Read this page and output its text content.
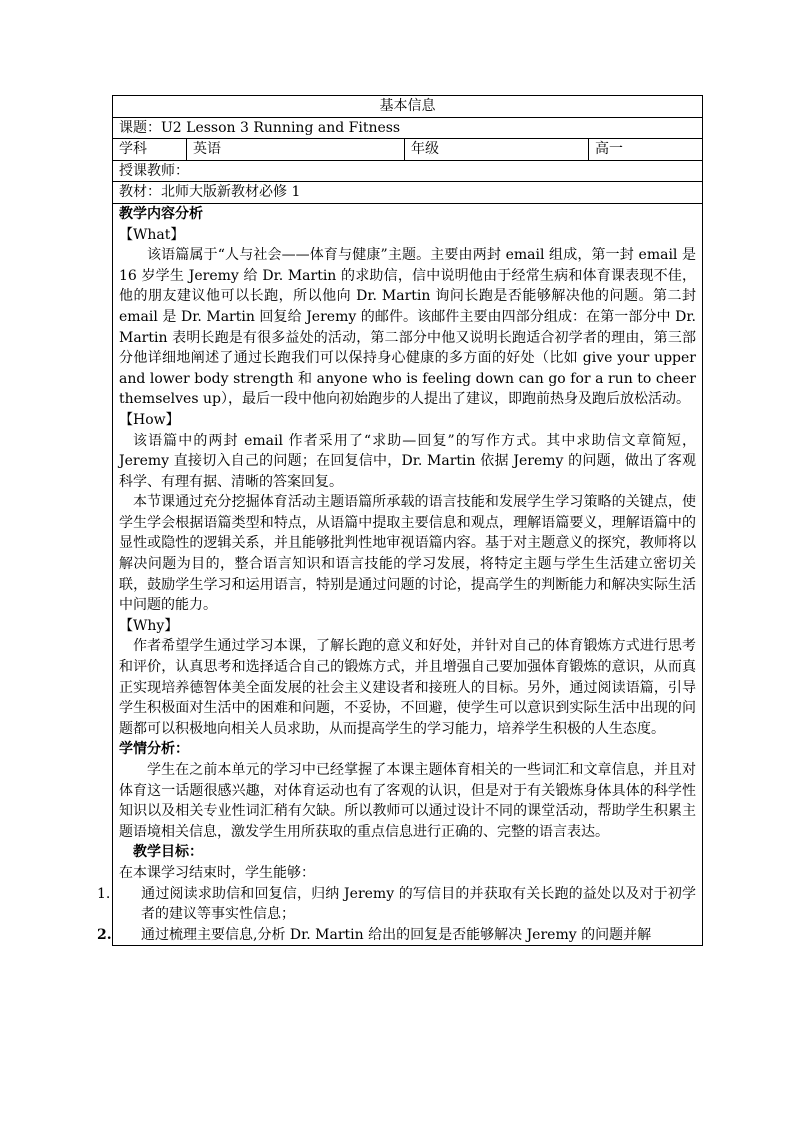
基本信息
课题：U2 Lesson 3 Running and Fitness
学科	英语	年级	高一
授课教师：
教材：北师大版新教材必修 1

教学内容分析

【What】

该语篇属于“人与社会——体育与健康”主题。主要由两封 email 组成，第一封 email 是 16 岁学生 Jeremy 给 Dr. Martin 的求助信，信中说明他由于经常生病和体育课表现不佳，他的朋友建议他可以长跑，所以他向 Dr. Martin 询问长跑是否能够解决他的问题。第二封 email 是 Dr. Martin 回复给 Jeremy 的邮件。该邮件主要由四部分组成：在第一部分中 Dr. Martin 表明长跑是有很多益处的活动，第二部分中他又说明长跑适合初学者的理由，第三部分他详细地阐述了通过长跑我们可以保持身心健康的多方面的好处（比如 give your upper and lower body strength 和 anyone who is feeling down can go for a run to cheer themselves up），最后一段中他向初始跑步的人提出了建议，即跑前热身及跑后放松活动。

【How】

该语篇中的两封 email 作者采用了“求助—回复”的写作方式。其中求助信文章简短，Jeremy 直接切入自己的问题；在回复信中，Dr. Martin 依据 Jeremy 的问题，做出了客观科学、有理有据、清晰的答案回复。

本节课通过充分挖掘体育活动主题语篇所承载的语言技能和发展学生学习策略的关键点，使学生学会根据语篇类型和特点，从语篇中提取主要信息和观点，理解语篇要义，理解语篇中的显性或隐性的逻辑关系，并且能够批判性地审视语篇内容。基于对主题意义的探究，教师将以解决问题为目的，整合语言知识和语言技能的学习发展，将特定主题与学生生活建立密切关联，鼓励学生学习和运用语言，特别是通过问题的讨论，提高学生的判断能力和解决实际生活中问题的能力。

【Why】

作者希望学生通过学习本课，了解长跑的意义和好处，并针对自己的体育锻炼方式进行思考和评价，认真思考和选择适合自己的锻炼方式，并且增强自己要加强体育锻炼的意识，从而真正实现培养德智体美全面发展的社会主义建设者和接班人的目标。另外，通过阅读语篇，引导学生积极面对生活中的困难和问题，不妥协，不回避，使学生可以意识到实际生活中出现的问题都可以积极地向相关人员求助，从而提高学生的学习能力，培养学生积极的人生态度。

学情分析：

学生在之前本单元的学习中已经掌握了本课主题体育相关的一些词汇和文章信息，并且对体育这一话题很感兴趣，对体育运动也有了客观的认识，但是对于有关锻炼身体具体的科学性知识以及相关专业性词汇稍有欠缺。所以教师可以通过设计不同的课堂活动，帮助学生积累主题语境相关信息，激发学生用所获取的重点信息进行正确的、完整的语言表达。

教学目标：

在本课学习结束时，学生能够：

1. 通过阅读求助信和回复信，归纳 Jeremy 的写信目的并获取有关长跑的益处以及对于初学者的建议等事实性信息；

2. 通过梳理主要信息,分析 Dr. Martin 给出的回复是否能够解决 Jeremy 的问题并解
